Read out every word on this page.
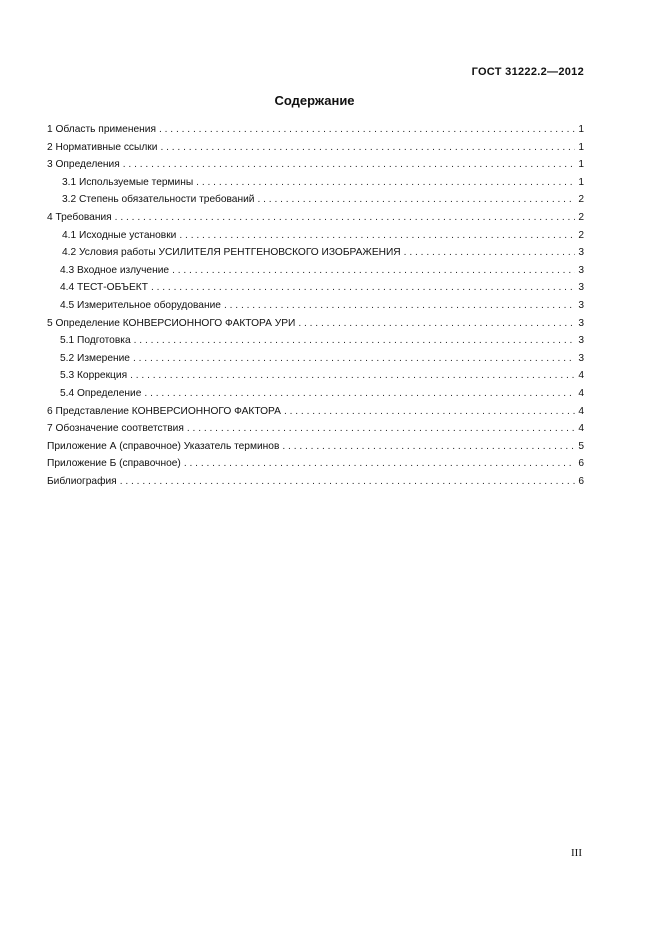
ГОСТ 31222.2—2012
Содержание
1 Область применения . . .	1
2 Нормативные ссылки . . .	1
3 Определения . . .	1
3.1 Используемые термины . . .	1
3.2 Степень обязательности требований . . .	2
4 Требования . . .	2
4.1 Исходные установки . . .	2
4.2 Условия работы УСИЛИТЕЛЯ РЕНТГЕНОВСКОГО ИЗОБРАЖЕНИЯ . . .	3
4.3 Входное излучение . . .	3
4.4 ТЕСТ-ОБЪЕКТ . . .	3
4.5 Измерительное оборудование . . .	3
5 Определение КОНВЕРСИОННОГО ФАКТОРА УРИ . . .	3
5.1 Подготовка . . .	3
5.2 Измерение . . .	3
5.3 Коррекция . . .	4
5.4 Определение . . .	4
6 Представление КОНВЕРСИОННОГО ФАКТОРА . . .	4
7 Обозначение соответствия . . .	4
Приложение А (справочное) Указатель терминов . . .	5
Приложение Б (справочное) . . .	6
Библиография . . .	6
III
